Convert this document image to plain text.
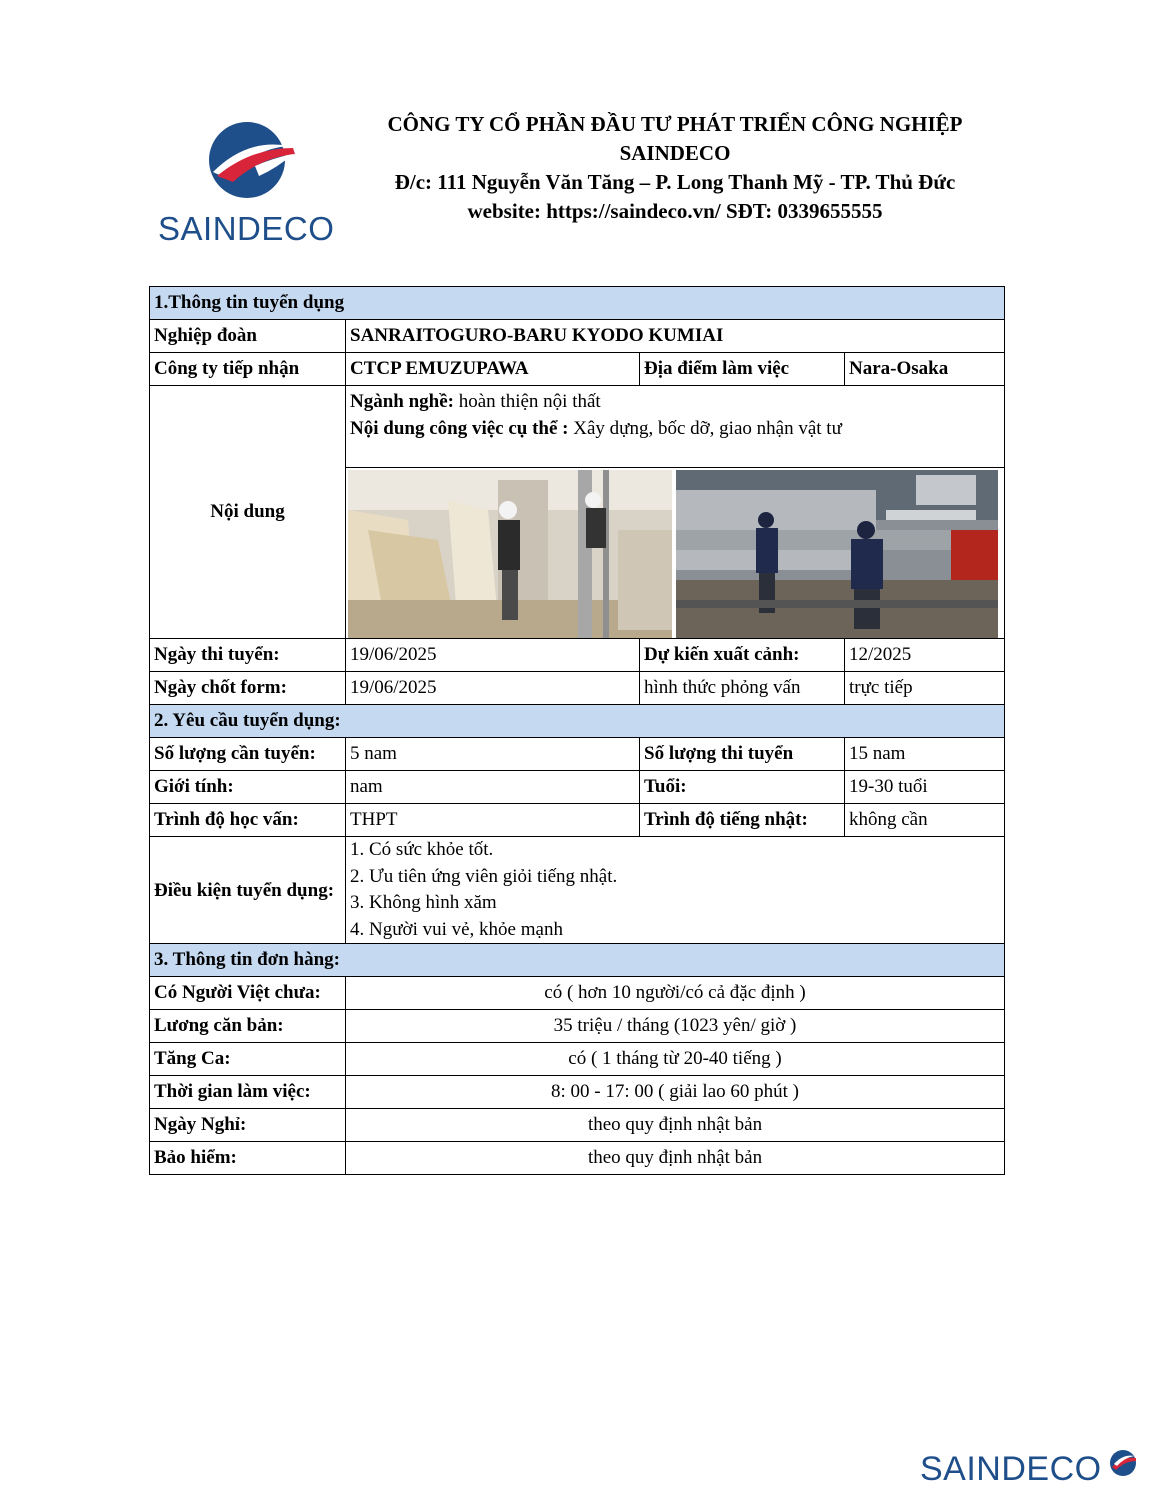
SAINDECO
CÔNG TY CỔ PHẦN ĐẦU TƯ PHÁT TRIỂN CÔNG NGHIỆP
SAINDECO
Đ/c: 111 Nguyễn Văn Tăng – P. Long Thanh Mỹ - TP. Thủ Đức
website: https://saindeco.vn/ SĐT: 0339655555
1.Thông tin tuyển dụng			
Nghiệp đoàn	SANRAITOGURO-BARU KYODO KUMIAI		
Công ty tiếp nhận	CTCP EMUZUPAWA	Địa điểm làm việc	Nara-Osaka
Nội dung	Ngành nghề: hoàn thiện nội thất
Nội dung công việc cụ thể : Xây dựng, bốc dỡ, giao nhận vật tư		

Ngày thi tuyển:	19/06/2025	Dự kiến xuất cảnh:	12/2025
Ngày chốt form:	19/06/2025	hình thức phỏng vấn	trực tiếp
2. Yêu cầu tuyển dụng:			
Số lượng cần tuyển:	5 nam	Số lượng thi tuyển	15 nam
Giới tính:	nam	Tuổi:	19-30 tuổi
Trình độ học vấn:	THPT	Trình độ tiếng nhật:	không cần
Điều kiện tuyển dụng:	1. Có sức khỏe tốt.
2. Ưu tiên ứng viên giỏi tiếng nhật.
3. Không hình xăm
4. Người vui vẻ, khỏe mạnh		

3. Thông tin đơn hàng:			
Có Người Việt chưa:	có ( hơn 10 người/có cả đặc định )		
Lương căn bản:	35 triệu / tháng (1023 yên/ giờ )		
Tăng Ca:	có ( 1 tháng từ 20-40 tiếng )		
Thời gian làm việc:	8: 00 - 17: 00 ( giải lao 60 phút )		
Ngày Nghỉ:	theo quy định nhật bản		
Bảo hiểm:	theo quy định nhật bản		
SAINDECO
